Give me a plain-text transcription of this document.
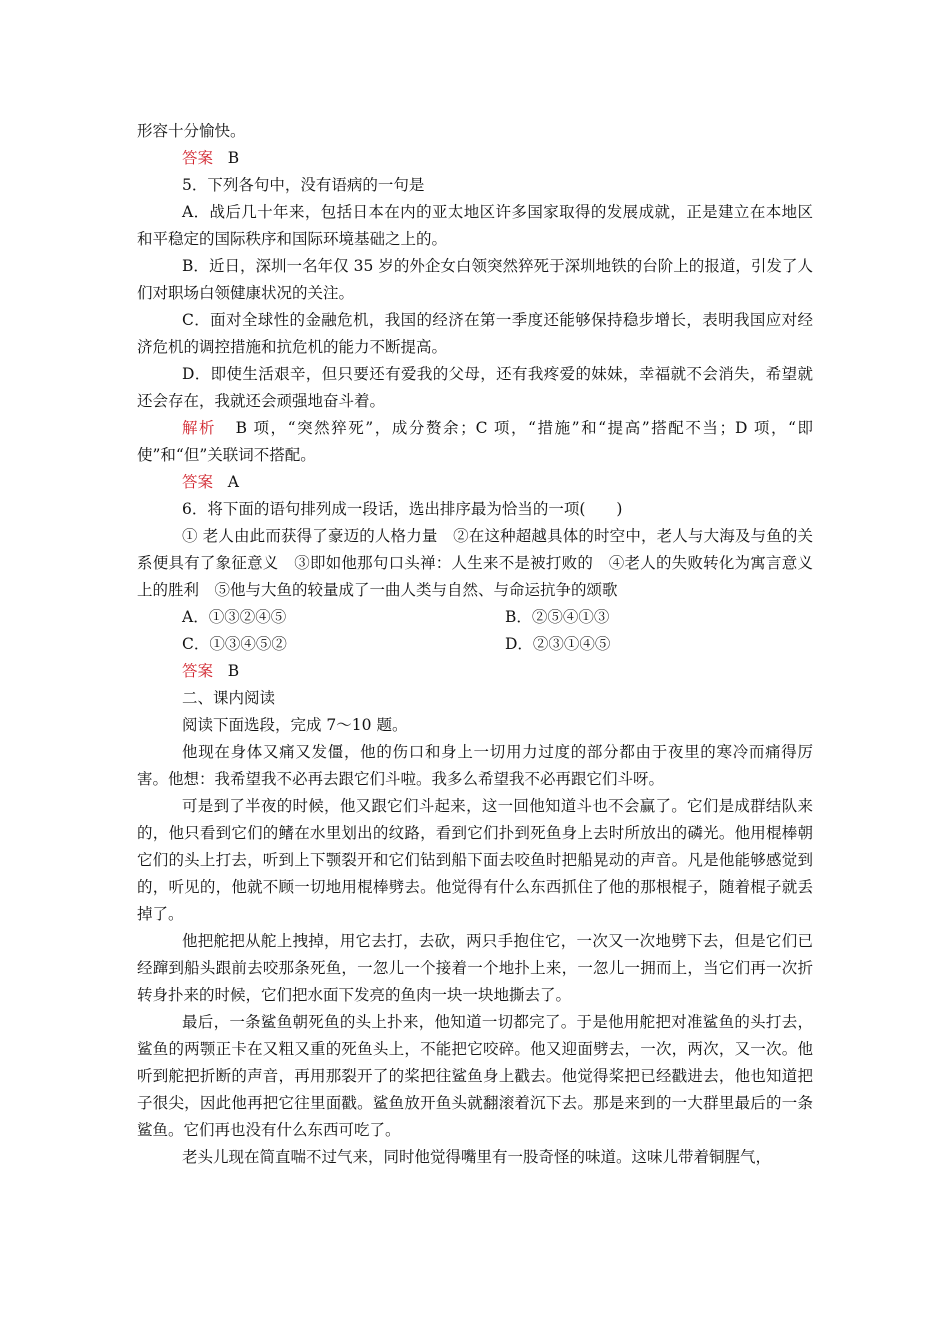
形容十分愉快。

答案 B

5．下列各句中，没有语病的一句是

A．战后几十年来，包括日本在内的亚太地区许多国家取得的发展成就，正是建立在本地区和平稳定的国际秩序和国际环境基础之上的。

B．近日，深圳一名年仅 35 岁的外企女白领突然猝死于深圳地铁的台阶上的报道，引发了人们对职场白领健康状况的关注。

C．面对全球性的金融危机，我国的经济在第一季度还能够保持稳步增长，表明我国应对经济危机的调控措施和抗危机的能力不断提高。

D．即使生活艰辛，但只要还有爱我的父母，还有我疼爱的妹妹，幸福就不会消失，希望就还会存在，我就还会顽强地奋斗着。

解析 B 项，“突然猝死”，成分赘余；C 项，“措施”和“提高”搭配不当；D 项，“即使”和“但”关联词不搭配。

答案 A

6．将下面的语句排列成一段话，选出排序最为恰当的一项(　　)

① 老人由此而获得了豪迈的人格力量　②在这种超越具体的时空中，老人与大海及与鱼的关系便具有了象征意义　③即如他那句口头禅：人生来不是被打败的　④老人的失败转化为寓言意义上的胜利　⑤他与大鱼的较量成了一曲人类与自然、与命运抗争的颂歌

A．①③②④⑤	B．②⑤④①③
C．①③④⑤②	D．②③①④⑤

答案 B

二、课内阅读

阅读下面选段，完成 7～10 题。

他现在身体又痛又发僵，他的伤口和身上一切用力过度的部分都由于夜里的寒冷而痛得厉害。他想：我希望我不必再去跟它们斗啦。我多么希望我不必再跟它们斗呀。

可是到了半夜的时候，他又跟它们斗起来，这一回他知道斗也不会赢了。它们是成群结队来的，他只看到它们的鳍在水里划出的纹路，看到它们扑到死鱼身上去时所放出的磷光。他用棍棒朝它们的头上打去，听到上下颚裂开和它们钻到船下面去咬鱼时把船晃动的声音。凡是他能够感觉到的，听见的，他就不顾一切地用棍棒劈去。他觉得有什么东西抓住了他的那根棍子，随着棍子就丢掉了。

他把舵把从舵上拽掉，用它去打，去砍，两只手抱住它，一次又一次地劈下去，但是它们已经蹿到船头跟前去咬那条死鱼，一忽儿一个接着一个地扑上来，一忽儿一拥而上，当它们再一次折转身扑来的时候，它们把水面下发亮的鱼肉一块一块地撕去了。

最后，一条鲨鱼朝死鱼的头上扑来，他知道一切都完了。于是他用舵把对准鲨鱼的头打去，鲨鱼的两颚正卡在又粗又重的死鱼头上，不能把它咬碎。他又迎面劈去，一次，两次，又一次。他听到舵把折断的声音，再用那裂开了的桨把往鲨鱼身上戳去。他觉得桨把已经戳进去，他也知道把子很尖，因此他再把它往里面戳。鲨鱼放开鱼头就翻滚着沉下去。那是来到的一大群里最后的一条鲨鱼。它们再也没有什么东西可吃了。

老头儿现在简直喘不过气来，同时他觉得嘴里有一股奇怪的味道。这味儿带着铜腥气，
